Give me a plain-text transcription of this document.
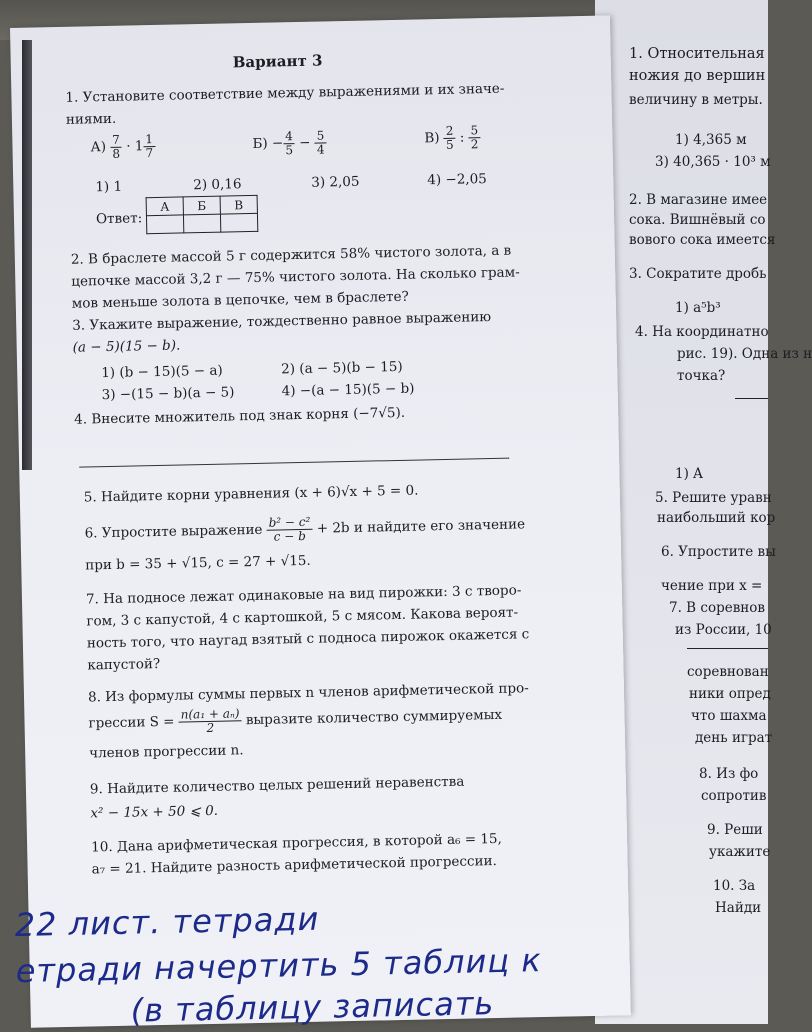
1. Относительная
ножия до вершин
величину в метры.
1) 4,365 м
3) 40,365 · 10³ м
2. В магазине имее
сока. Вишнёвый со
вового сока имеется
3. Сократите дробь
1) a⁵b³
4. На координатно
рис. 19). Одна из н
точка?
1) A
5. Решите уравн
наибольший кор
6. Упростите вы
чение при x =
7. В соревнов
из России, 10
соревнован
ники опред
что шахма
день играт
8. Из фо
сопротив
9. Реши
укажите
10. За
Найди
Вариант 3
1. Установите соответствие между выражениями и их значе-
ниями.
$А) \frac{7}{8} \cdot 1 \frac{1}{7}$	$Б) - \frac{4}{5} - \frac{5}{4}$	$В) \frac{2}{5}$ : $\frac{5}{2}$
1) 1	2) 0,16	3) 2,05	4) −2,05
Ответ:
А	Б	В

2. В браслете массой 5 г содержится 58% чистого золота, а в
цепочке массой 3,2 г — 75% чистого золота. На сколько грам-
мов меньше золота в цепочке, чем в браслете?
3. Укажите выражение, тождественно равное выражению
(a − 5)(15 − b).
1) (b − 15)(5 − a)	2) (a − 5)(b − 15)
3) −(15 − b)(a − 5)	4) −(a − 15)(5 − b)
4. Внесите множитель под знак корня (−7√5).
5. Найдите корни уравнения (x + 6)√x + 5 = 0.
6. Упростите выражение $\frac{\text{b² − c²}}{c - b} + 2b$ и найдите его значение
при b = 35 + √15, c = 27 + √15.
7. На подносе лежат одинаковые на вид пирожки: 3 с творо-
гом, 3 с капустой, 4 с картошкой, 5 с мясом. Какова вероят-
ность того, что наугад взятый с подноса пирожок окажется с
капустой?
8. Из формулы суммы первых n членов арифметической про-
грессии $S = \frac{\text{n(a₁ + aₙ)}}{2}$ выразите количество суммируемых
членов прогрессии n.
9. Найдите количество целых решений неравенства
x² − 15x + 50 ⩽ 0.
10. Дана арифметическая прогрессия, в которой a₆ = 15,
a₇ = 21. Найдите разность арифметической прогрессии.
22 лист. тетради
етради начертить 5 таблиц к
(в таблицу записать
